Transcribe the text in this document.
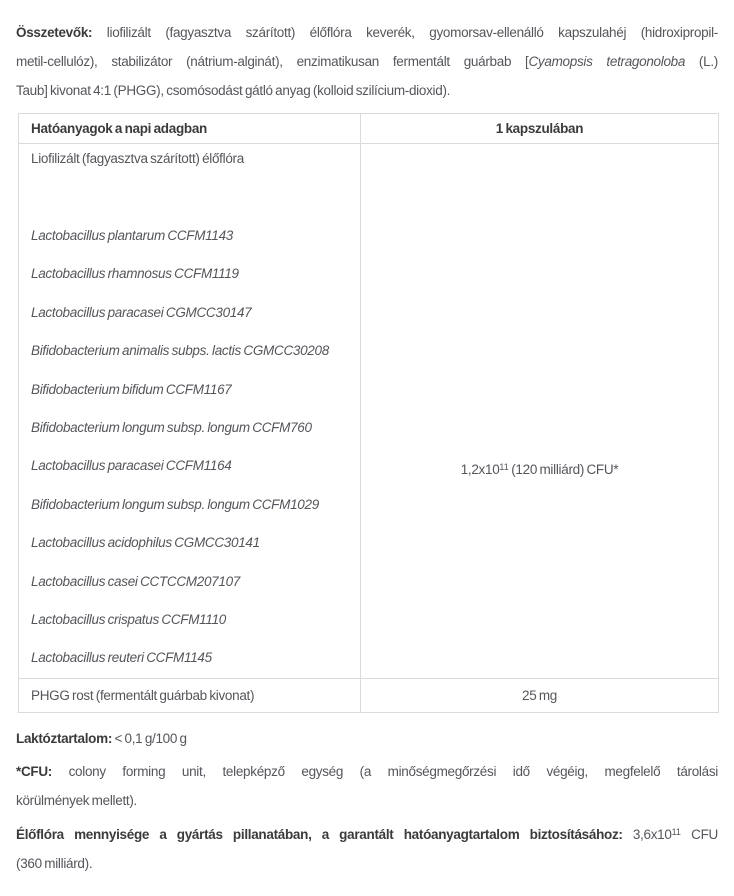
Összetevők: liofilizált (fagyasztva szárított) élőflóra keverék, gyomorsav-ellenálló kapszulahéj (hidroxipropil-
metil-cellulóz), stabilizátor (nátrium-alginát), enzimatikusan fermentált guárbab [Cyamopsis tetragonoloba (L.)
Taub] kivonat 4:1 (PHGG), csomósodást gátló anyag (kolloid szilícium-dioxid).
Hatóanyagok a napi adagban	1 kapszulában

Liofilizált (fagyasztva szárított) élőflóra
Lactobacillus plantarum CCFM1143
Lactobacillus rhamnosus CCFM1119
Lactobacillus paracasei CGMCC30147
Bifidobacterium animalis subps. lactis CGMCC30208
Bifidobacterium bifidum CCFM1167
Bifidobacterium longum subsp. longum CCFM760
Lactobacillus paracasei CCFM1164
Bifidobacterium longum subsp. longum CCFM1029
Lactobacillus acidophilus CGMCC30141
Lactobacillus casei CCTCCM207107
Lactobacillus crispatus CCFM1110
Lactobacillus reuteri CCFM1145
	$1,2x10^{11}$ (120 milliárd) CFU*
PHGG rost (fermentált guárbab kivonat)	25 mg
Laktóztartalom: < 0,1 g/100 g
*CFU: colony forming unit, telepképző egység (a minőségmegőrzési idő végéig, megfelelő tárolási
körülmények mellett).
Élőflóra mennyisége a gyártás pillanatában, a garantált hatóanyagtartalom biztosításához: $3,6x10^{11}$ CFU
(360 milliárd).
